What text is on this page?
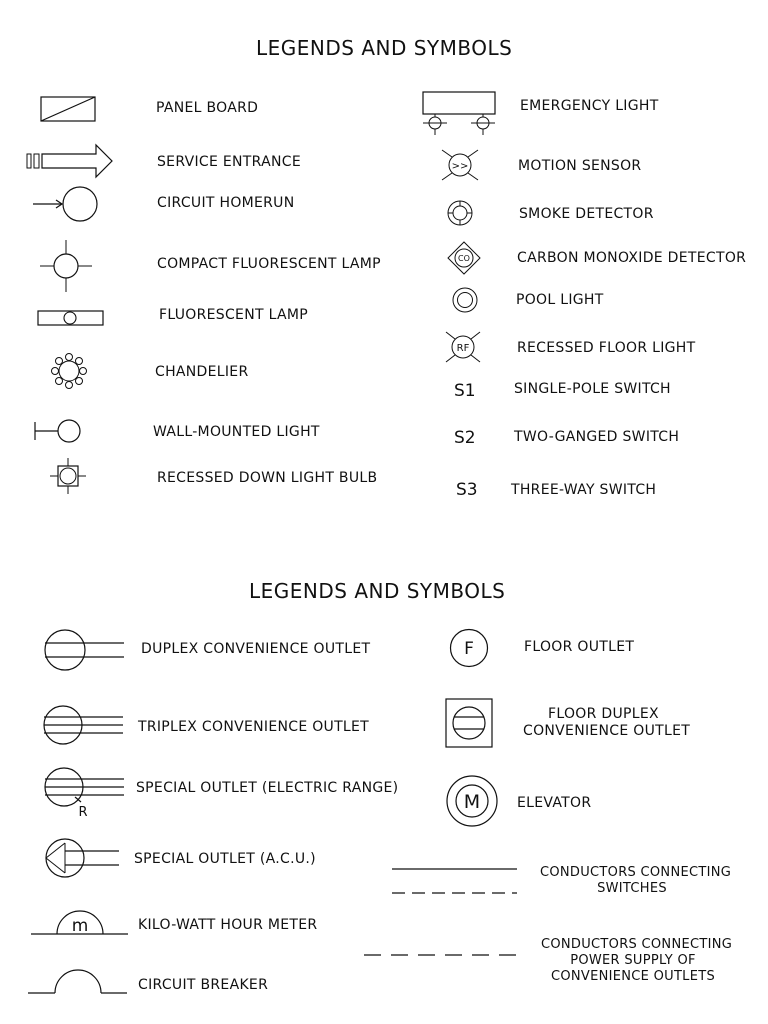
LEGENDS AND SYMBOLS
PANEL BOARD
SERVICE ENTRANCE
CIRCUIT HOMERUN
COMPACT FLUORESCENT LAMP
FLUORESCENT LAMP
CHANDELIER
WALL-MOUNTED LIGHT
RECESSED DOWN LIGHT BULB
EMERGENCY LIGHT
>>	MOTION SENSOR
SMOKE DETECTOR
CO	CARBON MONOXIDE DETECTOR
POOL LIGHT
RF	RECESSED FLOOR LIGHT
S1	SINGLE-POLE SWITCH
S2	TWO-GANGED SWITCH
S3 THREE-WAY SWITCH
LEGENDS AND SYMBOLS
DUPLEX CONVENIENCE OUTLET
TRIPLEX CONVENIENCE OUTLET
R
SPECIAL OUTLET (ELECTRIC RANGE)
SPECIAL OUTLET (A.C.U.)
m	KILO-WATT HOUR METER
CIRCUIT BREAKER
F	FLOOR OUTLET
FLOOR DUPLEX
CONVENIENCE OUTLET
M	ELEVATOR
CONDUCTORS CONNECTING
SWITCHES
CONDUCTORS CONNECTING
POWER SUPPLY OF
CONVENIENCE OUTLETS
